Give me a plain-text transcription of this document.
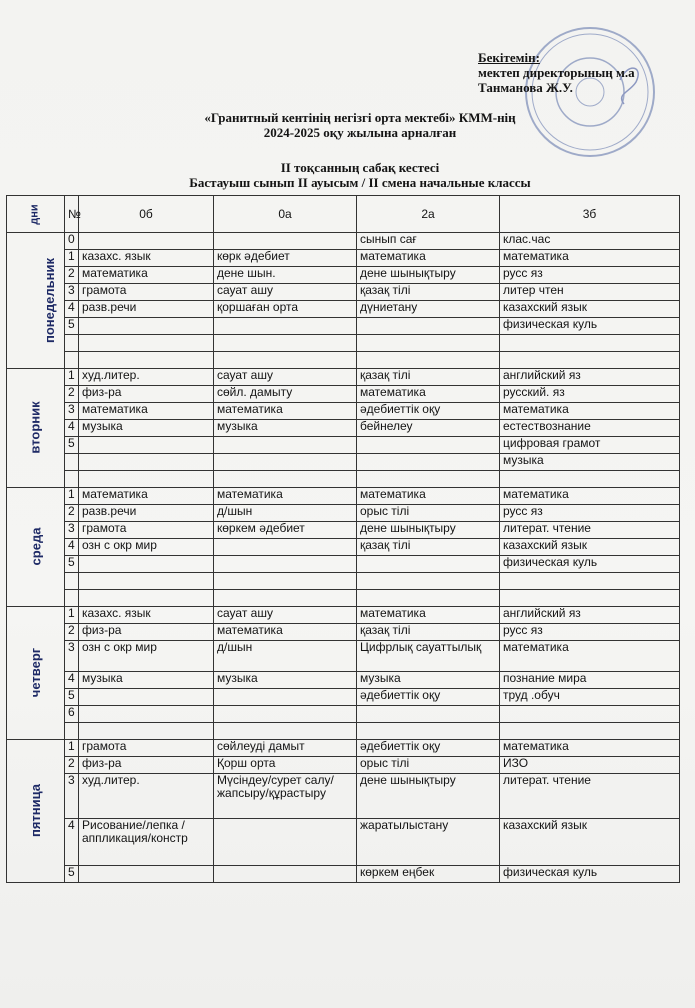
Бекітемін:
мектеп директорының м.а
Танманова Ж.У.
«Гранитный кентінің негізгі орта мектебі» КММ-нің
2024-2025 оқу жылына арналған
II тоқсанның сабақ кестесі
Бастауыш сынып II ауысым / II смена начальные классы
дни	№	0б	0а	2а	3б
понедельник	0			сынып сағ	клас.час
	1	казахс. язык	көрк әдебиет	математика	математика
	2	математика	дене шын.	дене шынықтыру	русс яз
	3	грамота	сауат ашу	қазақ тілі	литер чтен
	4	разв.речи	қоршаған орта	дүниетану	казахский язык
	5				физическая куль

вторник	1	худ.литер.	сауат ашу	қазақ тілі	английский яз
	2	физ-ра	сөйл. дамыту	математика	русский. яз
	3	математика	математика	әдебиеттік оқу	математика
	4	музыка	музыка	бейнелеу	естествознание
	5				цифровая грамот
					музыка

среда	1	математика	математика	математика	математика
	2	разв.речи	д/шын	орыс тілі	русс яз
	3	грамота	көркем әдебиет	дене шынықтыру	литерат. чтение
	4	озн с окр мир		қазақ тілі	казахский язык
	5				физическая куль

четверг	1	казахс. язык	сауат ашу	математика	английский яз
	2	физ-ра	математика	қазақ тілі	русс яз
	3	озн с окр мир	д/шын	Цифрлық сауаттылық	математика
	4	музыка	музыка	музыка	познание мира
	5			әдебиеттік оқу	труд .обуч
	6				

пятница	1	грамота	сөйлеуді дамыт	әдебиеттік оқу	математика
	2	физ-ра	Қорш орта	орыс тілі	ИЗО
	3	худ.литер.	Мүсіндеу/сурет салу/жапсыру/құрастыру	дене шынықтыру	литерат. чтение
	4	Рисование/лепка /аппликация/констр		жаратылыстану	казахский язык
	5			көркем еңбек	физическая куль
